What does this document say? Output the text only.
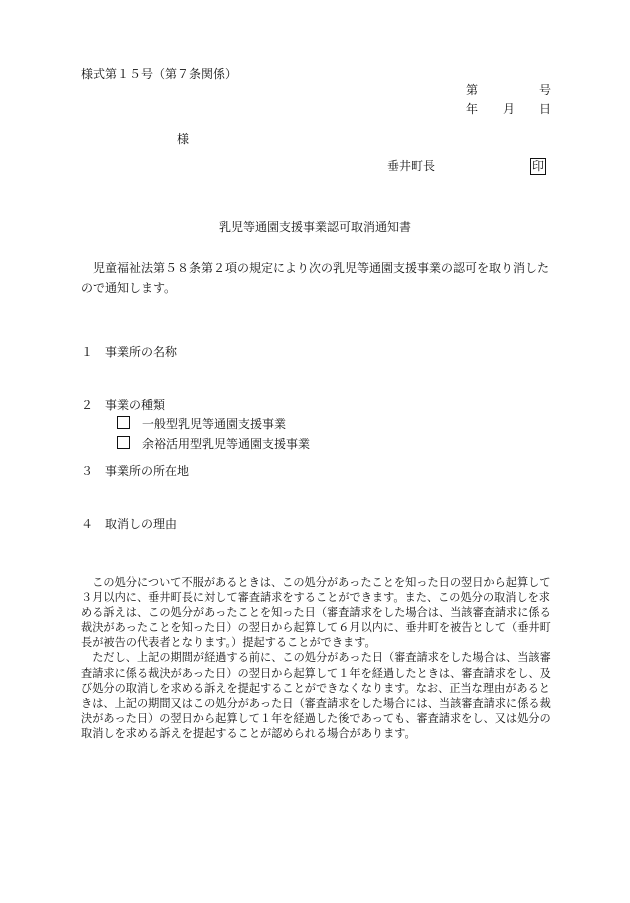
様式第１５号（第７条関係）
第	号
年 月 日
様
垂井町長	印
乳児等通園支援事業認可取消通知書
児童福祉法第５８条第２項の規定により次の乳児等通園支援事業の認可を取り消したので通知します。
１ 事業所の名称
２ 事業の種類
一般型乳児等通園支援事業
余裕活用型乳児等通園支援事業
３ 事業所の所在地
４ 取消しの理由

この処分について不服があるときは、この処分があったことを知った日の翌日から起算して３月以内に、垂井町長に対して審査請求をすることができます。また、この処分の取消しを求める訴えは、この処分があったことを知った日（審査請求をした場合は、当該審査請求に係る裁決があったことを知った日）の翌日から起算して６月以内に、垂井町を被告として（垂井町長が被告の代表者となります。）提起することができます。

ただし、上記の期間が経過する前に、この処分があった日（審査請求をした場合は、当該審査請求に係る裁決があった日）の翌日から起算して１年を経過したときは、審査請求をし、及び処分の取消しを求める訴えを提起することができなくなります。なお、正当な理由があるときは、上記の期間又はこの処分があった日（審査請求をした場合には、当該審査請求に係る裁決があった日）の翌日から起算して１年を経過した後であっても、審査請求をし、又は処分の取消しを求める訴えを提起することが認められる場合があります。
